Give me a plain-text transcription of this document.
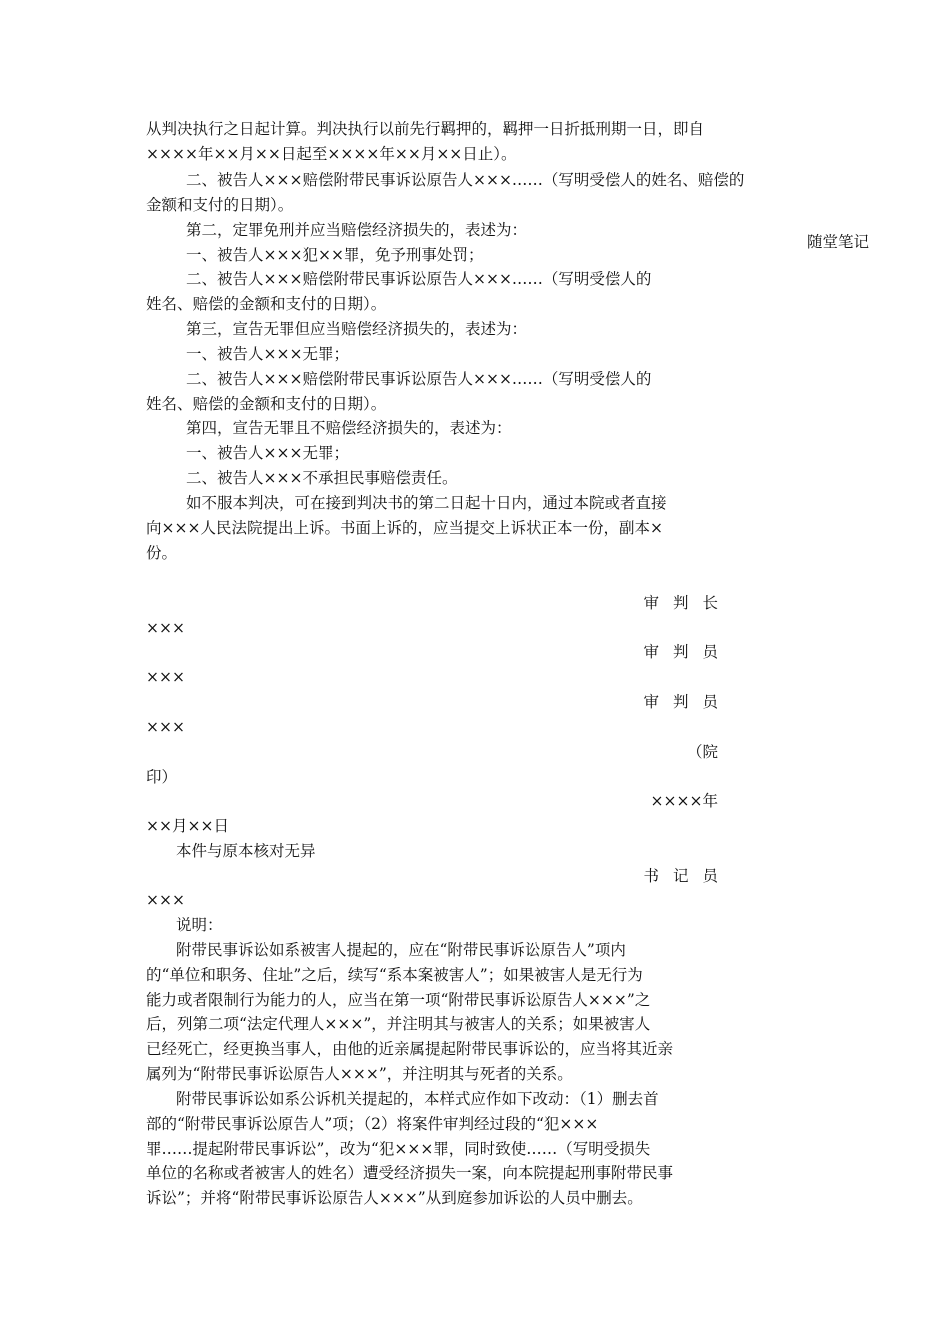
随堂笔记

从判决执行之日起计算。判决执行以前先行羁押的，羁押一日折抵刑期一日，即自

××××年××月××日起至××××年××月××日止）。

二、被告人×××赔偿附带民事诉讼原告人×××……（写明受偿人的姓名、赔偿的

金额和支付的日期）。

第二，定罪免刑并应当赔偿经济损失的，表述为：

一、被告人×××犯××罪，免予刑事处罚；

二、被告人×××赔偿附带民事诉讼原告人×××……（写明受偿人的

姓名、赔偿的金额和支付的日期）。

第三，宣告无罪但应当赔偿经济损失的，表述为：

一、被告人×××无罪；

二、被告人×××赔偿附带民事诉讼原告人×××……（写明受偿人的

姓名、赔偿的金额和支付的日期）。

第四，宣告无罪且不赔偿经济损失的，表述为：

一、被告人×××无罪；

二、被告人×××不承担民事赔偿责任。

如不服本判决，可在接到判决书的第二日起十日内，通过本院或者直接

向×××人民法院提出上诉。书面上诉的，应当提交上诉状正本一份，副本×

份。

审判长

×××

审判员

×××

审判员

×××

（院

印）

××××年

××月××日

本件与原本核对无异

书记员

×××

说明：

附带民事诉讼如系被害人提起的，应在“附带民事诉讼原告人”项内

的“单位和职务、住址”之后，续写“系本案被害人”；如果被害人是无行为

能力或者限制行为能力的人，应当在第一项“附带民事诉讼原告人×××”之

后，列第二项“法定代理人×××”，并注明其与被害人的关系；如果被害人

已经死亡，经更换当事人，由他的近亲属提起附带民事诉讼的，应当将其近亲

属列为“附带民事诉讼原告人×××”，并注明其与死者的关系。

附带民事诉讼如系公诉机关提起的，本样式应作如下改动：（1）删去首

部的“附带民事诉讼原告人”项；（2）将案件审判经过段的“犯×××

罪……提起附带民事诉讼”，改为“犯×××罪，同时致使……（写明受损失

单位的名称或者被害人的姓名）遭受经济损失一案，向本院提起刑事附带民事

诉讼”；并将“附带民事诉讼原告人×××”从到庭参加诉讼的人员中删去。
